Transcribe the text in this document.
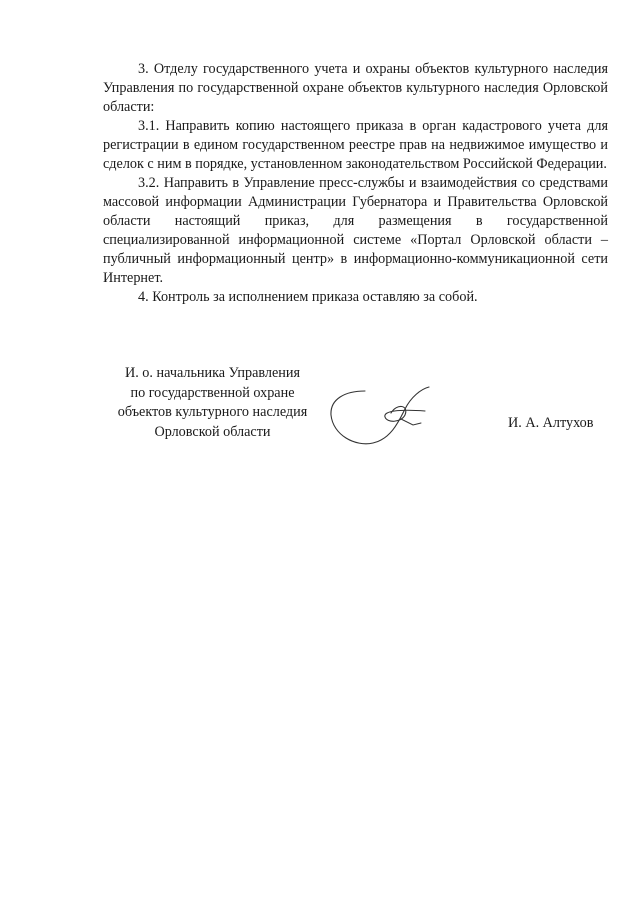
3. Отделу государственного учета и охраны объектов культурного наследия Управления по государственной охране объектов культурного наследия Орловской области:

3.1. Направить копию настоящего приказа в орган кадастрового учета для регистрации в едином государственном реестре прав на недвижимое имущество и сделок с ним в порядке, установленном законодательством Российской Федерации.

3.2. Направить в Управление пресс-службы и взаимодействия со средствами массовой информации Администрации Губернатора и Правительства Орловской области настоящий приказ, для размещения в государственной специализированной информационной системе «Портал Орловской области – публичный информационный центр» в информационно-коммуникационной сети Интернет.

4. Контроль за исполнением приказа оставляю за собой.

И. о. начальника Управления
по государственной охране
объектов культурного наследия
Орловской области
И. А. Алтухов
